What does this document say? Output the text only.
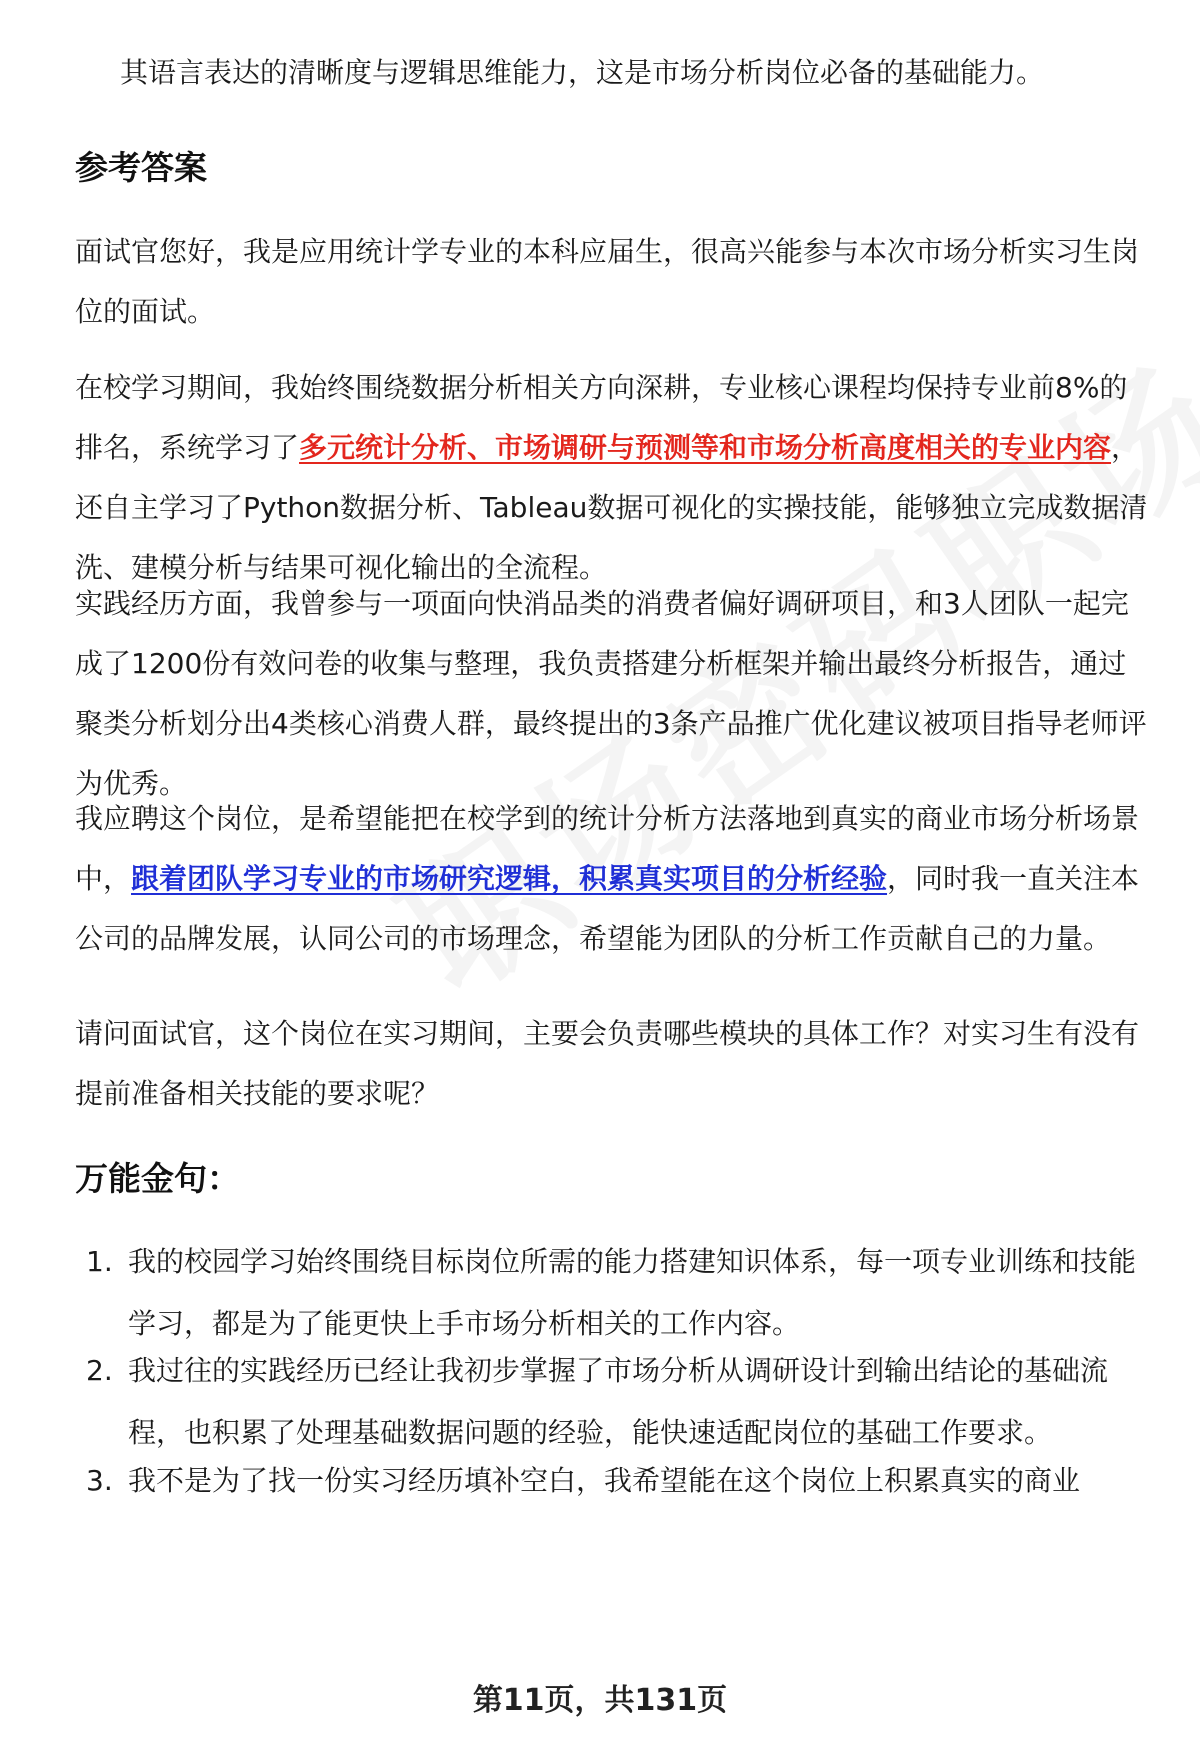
其语言表达的清晰度与逻辑思维能力，这是市场分析岗位必备的基础能力。

参考答案

面试官您好，我是应用统计学专业的本科应届生，很高兴能参与本次市场分析实习生岗位的面试。

在校学习期间，我始终围绕数据分析相关方向深耕，专业核心课程均保持专业前8%的排名，系统学习了多元统计分析、市场调研与预测等和市场分析高度相关的专业内容，还自主学习了Python数据分析、Tableau数据可视化的实操技能，能够独立完成数据清洗、建模分析与结果可视化输出的全流程。

实践经历方面，我曾参与一项面向快消品类的消费者偏好调研项目，和3人团队一起完成了1200份有效问卷的收集与整理，我负责搭建分析框架并输出最终分析报告，通过聚类分析划分出4类核心消费人群，最终提出的3条产品推广优化建议被项目指导老师评为优秀。

我应聘这个岗位，是希望能把在校学到的统计分析方法落地到真实的商业市场分析场景中，跟着团队学习专业的市场研究逻辑，积累真实项目的分析经验，同时我一直关注本公司的品牌发展，认同公司的市场理念，希望能为团队的分析工作贡献自己的力量。

请问面试官，这个岗位在实习期间，主要会负责哪些模块的具体工作？对实习生有没有提前准备相关技能的要求呢？

万能金句：
1. 我的校园学习始终围绕目标岗位所需的能力搭建知识体系，每一项专业训练和技能学习，都是为了能更快上手市场分析相关的工作内容。
2. 我过往的实践经历已经让我初步掌握了市场分析从调研设计到输出结论的基础流程，也积累了处理基础数据问题的经验，能快速适配岗位的基础工作要求。
3. 我不是为了找一份实习经历填补空白，我希望能在这个岗位上积累真实的商业
第11页，共131页
